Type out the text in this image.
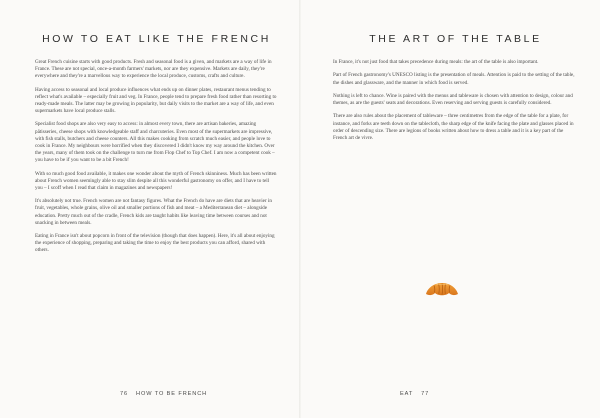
HOW TO EAT LIKE THE FRENCH

Great French cuisine starts with good products. Fresh and seasonal food is a given, and markets are a way of life in France. These are not special, once-a-month farmers' markets, nor are they expensive. Markets are daily, they're everywhere and they're a marvellous way to experience the local produce, customs, crafts and culture.

Having access to seasonal and local produce influences what ends up on dinner plates, restaurant menus tending to reflect what's available – especially fruit and veg. In France, people tend to prepare fresh food rather than resorting to ready-made meals. The latter may be growing in popularity, but daily visits to the market are a way of life, and even supermarkets have local produce stalls.

Specialist food shops are also very easy to access: in almost every town, there are artisan bakeries, amazing pâtisseries, cheese shops with knowledgeable staff and charcuteries. Even most of the supermarkets are impressive, with fish stalls, butchers and cheese counters. All this makes cooking from scratch much easier, and people love to cook in France. My neighbours were horrified when they discovered I didn't know my way around the kitchen. Over the years, many of them took on the challenge to turn me from Flop Chef to Top Chef. I am now a competent cook – you have to be if you want to be a bit French!

With so much good food available, it makes one wonder about the myth of French skinniness. Much has been written about French women seemingly able to stay slim despite all this wonderful gastronomy on offer, and I have to tell you – I scoff when I read that claim in magazines and newspapers!

It's absolutely not true. French women are not fantasy figures. What the French do have are diets that are heavier in fruit, vegetables, whole grains, olive oil and smaller portions of fish and meat – a Mediterranean diet – alongside education. Pretty much out of the cradle, French kids are taught habits like leaving time between courses and not snacking in between meals.

Eating in France isn't about popcorn in front of the television (though that does happen). Here, it's all about enjoying the experience of shopping, preparing and taking the time to enjoy the best products you can afford, shared with others.

THE ART OF THE TABLE

In France, it's not just food that takes precedence during meals: the art of the table is also important.

Part of French gastronomy's UNESCO listing is the presentation of meals. Attention is paid to the setting of the table, the dishes and glassware, and the manner in which food is served.

Nothing is left to chance. Wine is paired with the menus and tableware is chosen with attention to design, colour and themes, as are the guests' seats and decorations. Even reserving and serving guests is carefully considered.

There are also rules about the placement of tableware – three centimetres from the edge of the table for a plate, for instance, and forks are teeth down on the tablecloth, the sharp edge of the knife facing the plate and glasses placed in order of descending size. There are legions of books written about how to dress a table and it is a key part of the French art de vivre.

76 HOW TO BE FRENCH	EAT 77
